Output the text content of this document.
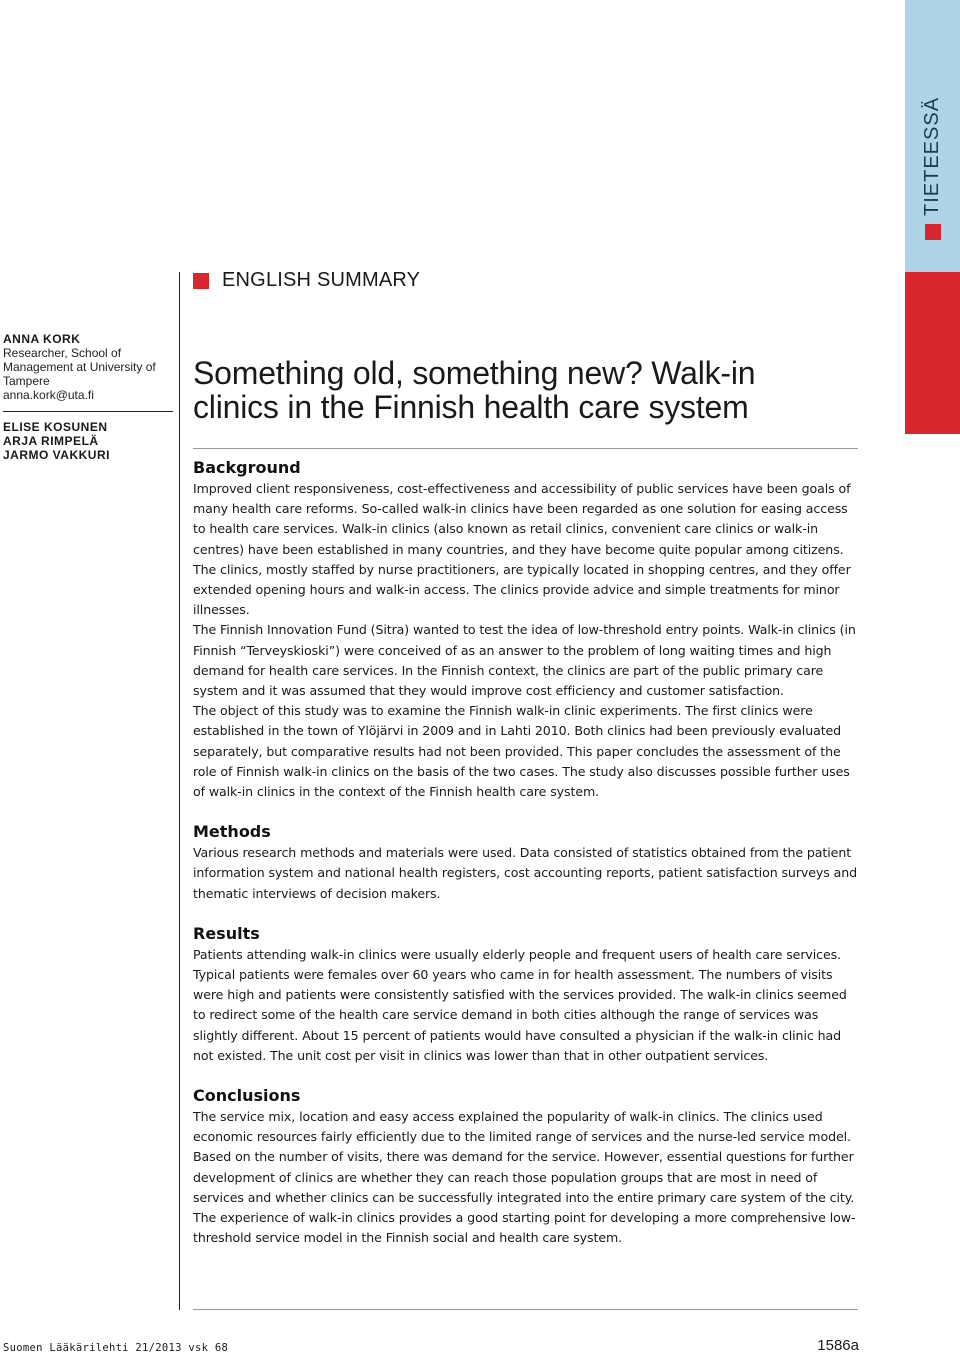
TIETEESSÄ
ENGLISH SUMMARY
ANNA KORK
Researcher, School of
Management at University of
Tampere
anna.kork@uta.fi
ELISE KOSUNEN
ARJA RIMPELÄ
JARMO VAKKURI
Something old, something new? Walk-in
clinics in the Finnish health care system
Background

Improved client responsiveness, cost-effectiveness and accessibility of public services have been goals of many health care reforms. So-called walk-in clinics have been regarded as one solution for easing access to health care services. Walk-in clinics (also known as retail clinics, convenient care clinics or walk-in centres) have been established in many countries, and they have become quite popular among citizens. The clinics, mostly staffed by nurse practitioners, are typically located in shopping centres, and they offer extended opening hours and walk-in access. The clinics provide advice and simple treatments for minor illnesses.

The Finnish Innovation Fund (Sitra) wanted to test the idea of low-threshold entry points. Walk-in clinics (in Finnish “Terveyskioski”) were conceived of as an answer to the problem of long waiting times and high demand for health care services. In the Finnish context, the clinics are part of the public primary care system and it was assumed that they would improve cost efficiency and customer satisfaction.

The object of this study was to examine the Finnish walk-in clinic experiments. The first clinics were established in the town of Ylöjärvi in 2009 and in Lahti 2010. Both clinics had been previously evaluated separately, but comparative results had not been provided. This paper concludes the assessment of the role of Finnish walk-in clinics on the basis of the two cases. The study also discusses possible further uses of walk-in clinics in the context of the Finnish health care system.

Methods

Various research methods and materials were used. Data consisted of statistics obtained from the patient information system and national health registers, cost accounting reports, patient satisfaction surveys and thematic interviews of decision makers.

Results

Patients attending walk-in clinics were usually elderly people and frequent users of health care services. Typical patients were females over 60 years who came in for health assessment. The numbers of visits were high and patients were consistently satisfied with the services provided. The walk-in clinics seemed to redirect some of the health care service demand in both cities although the range of services was slightly different. About 15 percent of patients would have consulted a physician if the walk-in clinic had not existed. The unit cost per visit in clinics was lower than that in other outpatient services.

Conclusions

The service mix, location and easy access explained the popularity of walk-in clinics. The clinics used economic resources fairly efficiently due to the limited range of services and the nurse-led service model. Based on the number of visits, there was demand for the service. However, essential questions for further development of clinics are whether they can reach those population groups that are most in need of services and whether clinics can be successfully integrated into the entire primary care system of the city. The experience of walk-in clinics provides a good starting point for developing a more comprehensive low-threshold service model in the Finnish social and health care system.

Suomen Lääkärilehti 21/2013 vsk 68	1586a
